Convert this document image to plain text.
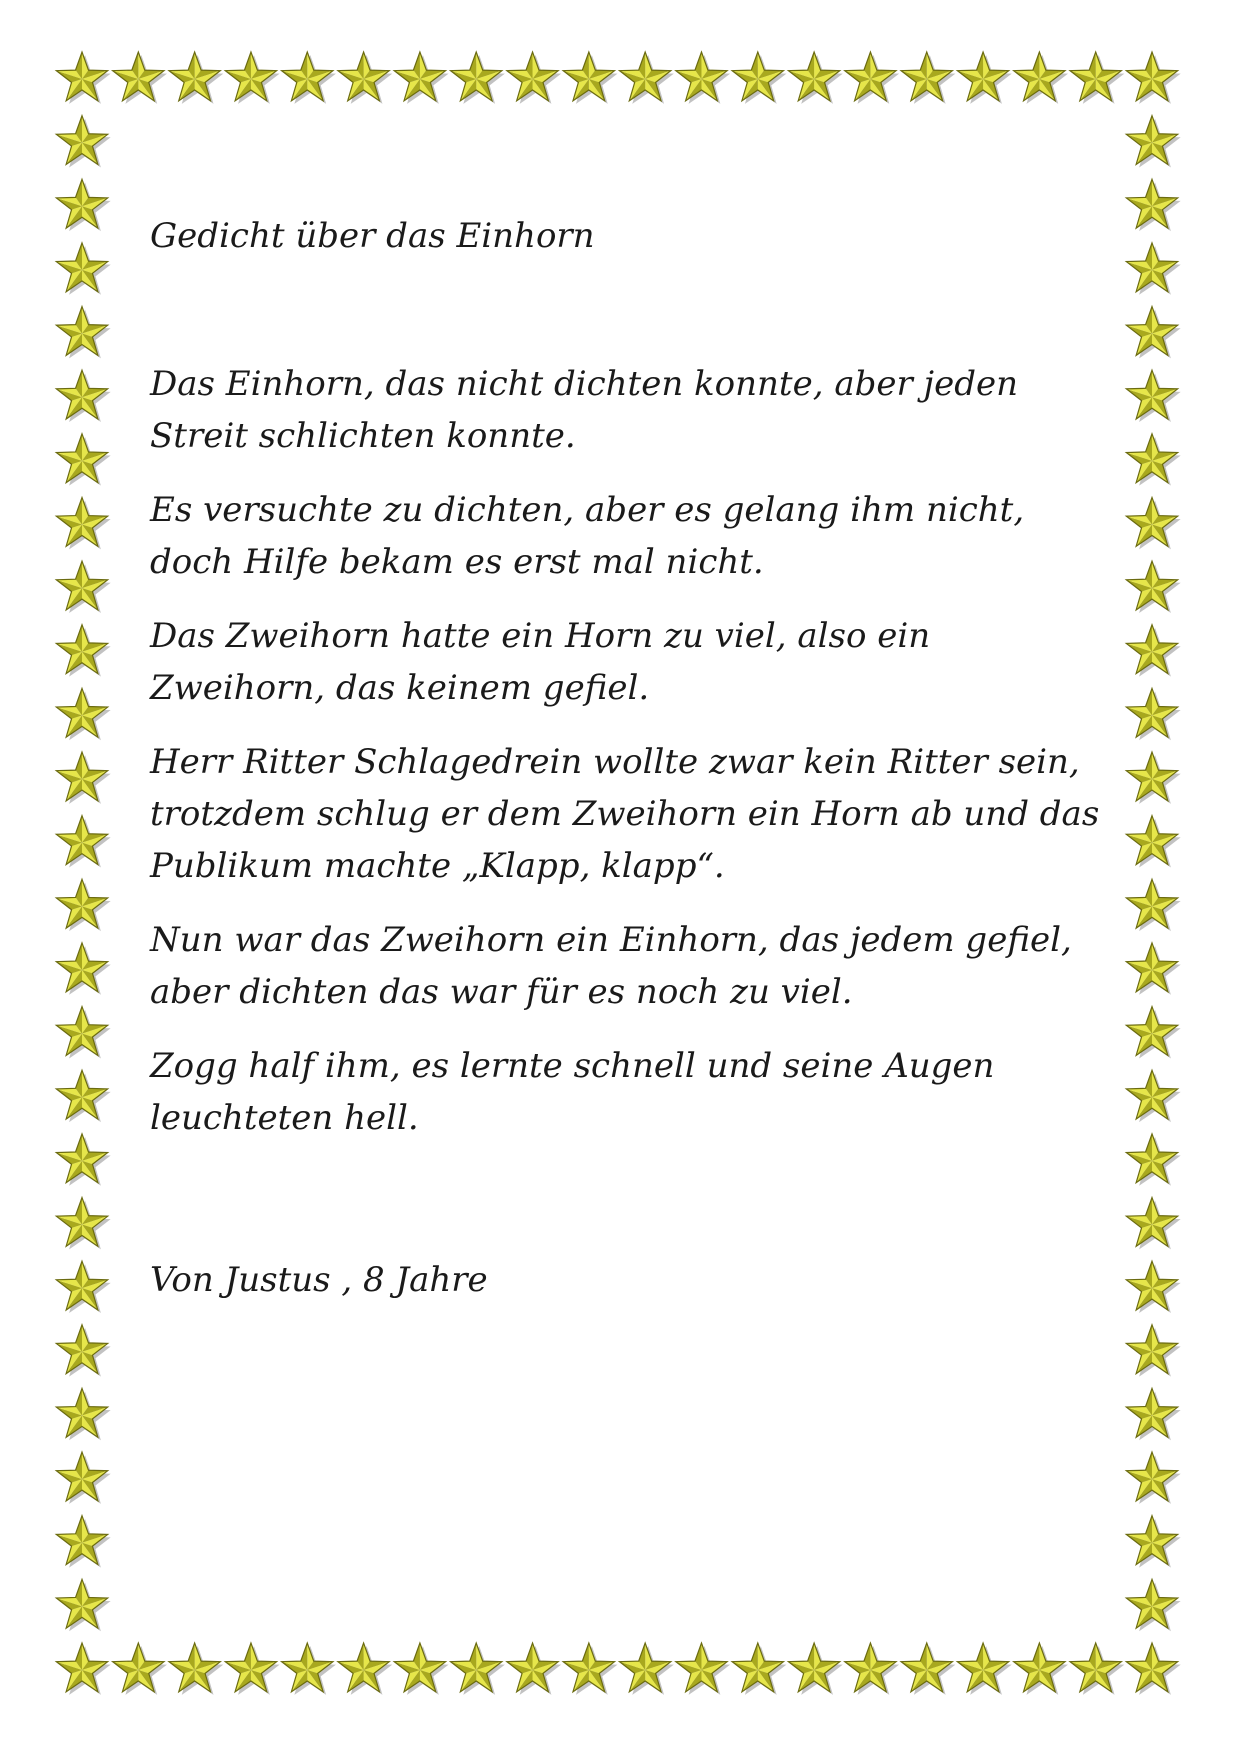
Gedicht über das Einhorn

Das Einhorn, das nicht dichten konnte, aber jeden Streit schlichten konnte.

Es versuchte zu dichten, aber es gelang ihm nicht, doch Hilfe bekam es erst mal nicht.

Das Zweihorn hatte ein Horn zu viel, also ein Zweihorn, das keinem gefiel.

Herr Ritter Schlagedrein wollte zwar kein Ritter sein, trotzdem schlug er dem Zweihorn ein Horn ab und das Publikum machte „Klapp, klapp“.

Nun war das Zweihorn ein Einhorn, das jedem gefiel, aber dichten das war für es noch zu viel.

Zogg half ihm, es lernte schnell und seine Augen leuchteten hell.

Von Justus , 8 Jahre
